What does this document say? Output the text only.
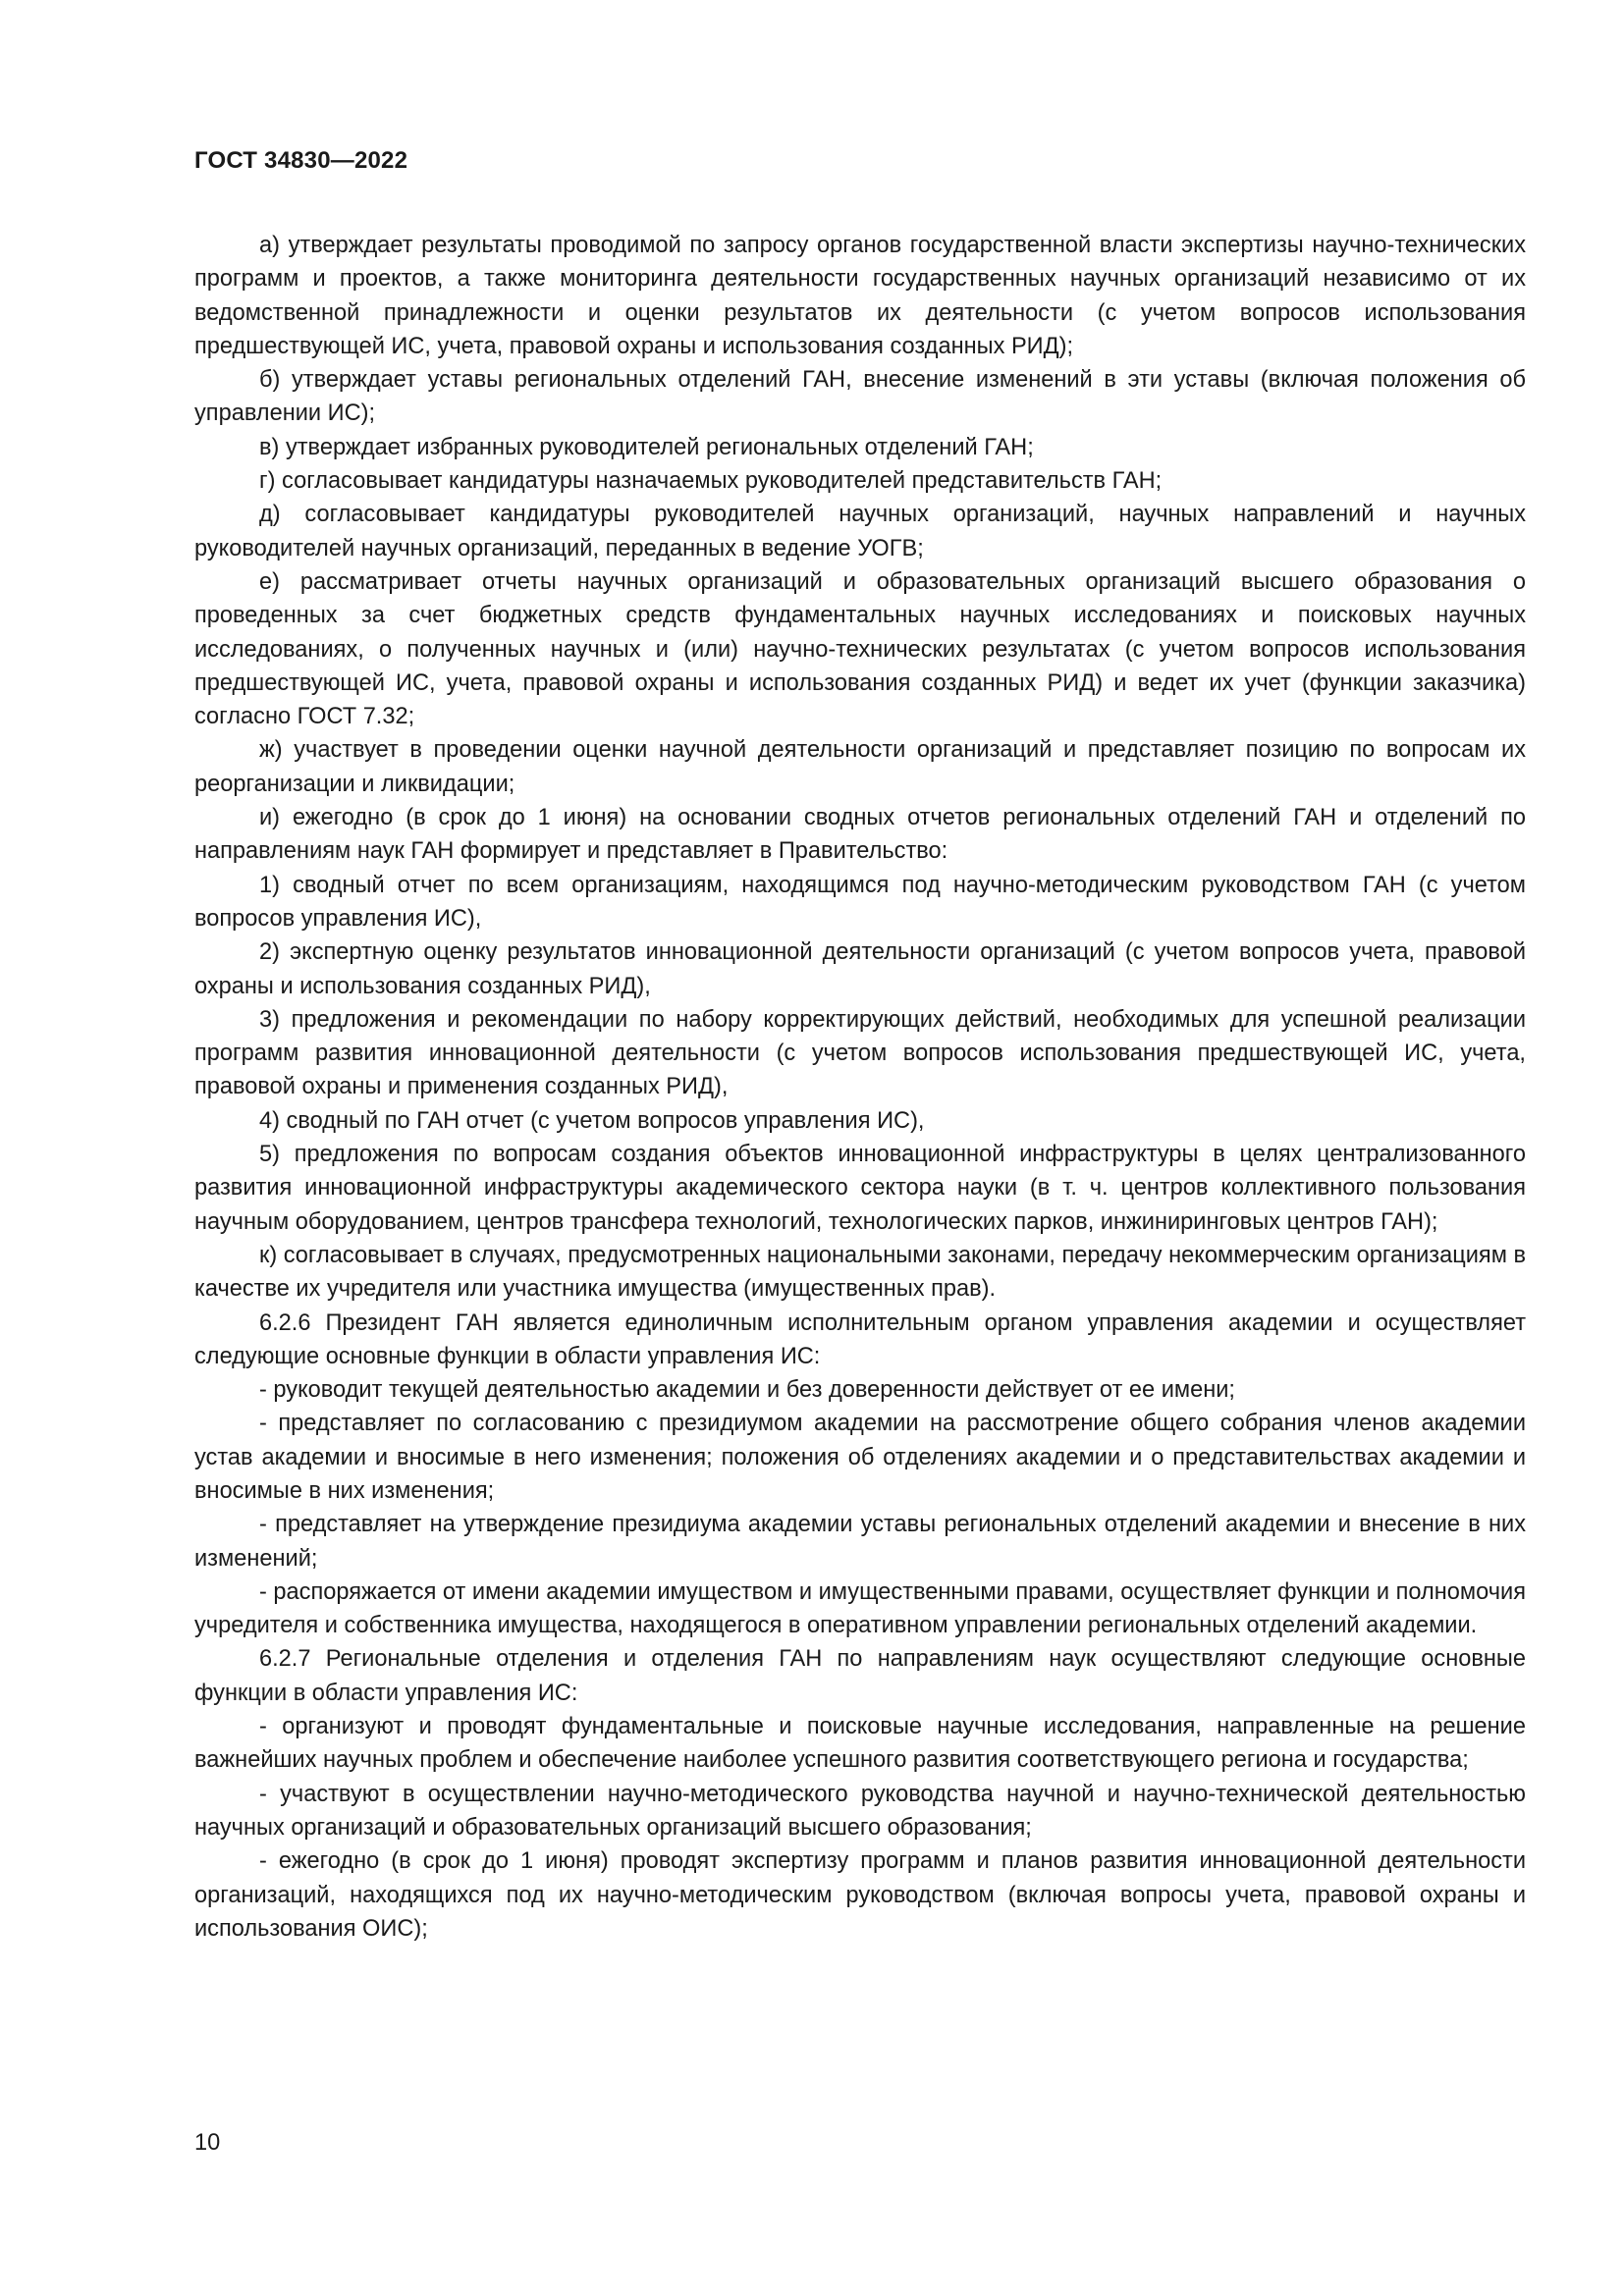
ГОСТ 34830—2022

а) утверждает результаты проводимой по запросу органов государственной власти экспертизы научно-технических программ и проектов, а также мониторинга деятельности государственных научных организаций независимо от их ведомственной принадлежности и оценки результатов их деятельности (с учетом вопросов использования предшествующей ИС, учета, правовой охраны и использования созданных РИД);

б) утверждает уставы региональных отделений ГАН, внесение изменений в эти уставы (включая положения об управлении ИС);

в) утверждает избранных руководителей региональных отделений ГАН;

г) согласовывает кандидатуры назначаемых руководителей представительств ГАН;

д) согласовывает кандидатуры руководителей научных организаций, научных направлений и научных руководителей научных организаций, переданных в ведение УОГВ;

е) рассматривает отчеты научных организаций и образовательных организаций высшего образования о проведенных за счет бюджетных средств фундаментальных научных исследованиях и поисковых научных исследованиях, о полученных научных и (или) научно-технических результатах (с учетом вопросов использования предшествующей ИС, учета, правовой охраны и использования созданных РИД) и ведет их учет (функции заказчика) согласно ГОСТ 7.32;

ж) участвует в проведении оценки научной деятельности организаций и представляет позицию по вопросам их реорганизации и ликвидации;

и) ежегодно (в срок до 1 июня) на основании сводных отчетов региональных отделений ГАН и отделений по направлениям наук ГАН формирует и представляет в Правительство:

1) сводный отчет по всем организациям, находящимся под научно-методическим руководством ГАН (с учетом вопросов управления ИС),

2) экспертную оценку результатов инновационной деятельности организаций (с учетом вопросов учета, правовой охраны и использования созданных РИД),

3) предложения и рекомендации по набору корректирующих действий, необходимых для успешной реализации программ развития инновационной деятельности (с учетом вопросов использования предшествующей ИС, учета, правовой охраны и применения созданных РИД),

4) сводный по ГАН отчет (с учетом вопросов управления ИС),

5) предложения по вопросам создания объектов инновационной инфраструктуры в целях централизованного развития инновационной инфраструктуры академического сектора науки (в т. ч. центров коллективного пользования научным оборудованием, центров трансфера технологий, технологических парков, инжиниринговых центров ГАН);

к) согласовывает в случаях, предусмотренных национальными законами, передачу некоммерческим организациям в качестве их учредителя или участника имущества (имущественных прав).

6.2.6 Президент ГАН является единоличным исполнительным органом управления академии и осуществляет следующие основные функции в области управления ИС:

- руководит текущей деятельностью академии и без доверенности действует от ее имени;

- представляет по согласованию с президиумом академии на рассмотрение общего собрания членов академии устав академии и вносимые в него изменения; положения об отделениях академии и о представительствах академии и вносимые в них изменения;

- представляет на утверждение президиума академии уставы региональных отделений академии и внесение в них изменений;

- распоряжается от имени академии имуществом и имущественными правами, осуществляет функции и полномочия учредителя и собственника имущества, находящегося в оперативном управлении региональных отделений академии.

6.2.7 Региональные отделения и отделения ГАН по направлениям наук осуществляют следующие основные функции в области управления ИС:

- организуют и проводят фундаментальные и поисковые научные исследования, направленные на решение важнейших научных проблем и обеспечение наиболее успешного развития соответствующего региона и государства;

- участвуют в осуществлении научно-методического руководства научной и научно-технической деятельностью научных организаций и образовательных организаций высшего образования;

- ежегодно (в срок до 1 июня) проводят экспертизу программ и планов развития инновационной деятельности организаций, находящихся под их научно-методическим руководством (включая вопросы учета, правовой охраны и использования ОИС);

10
